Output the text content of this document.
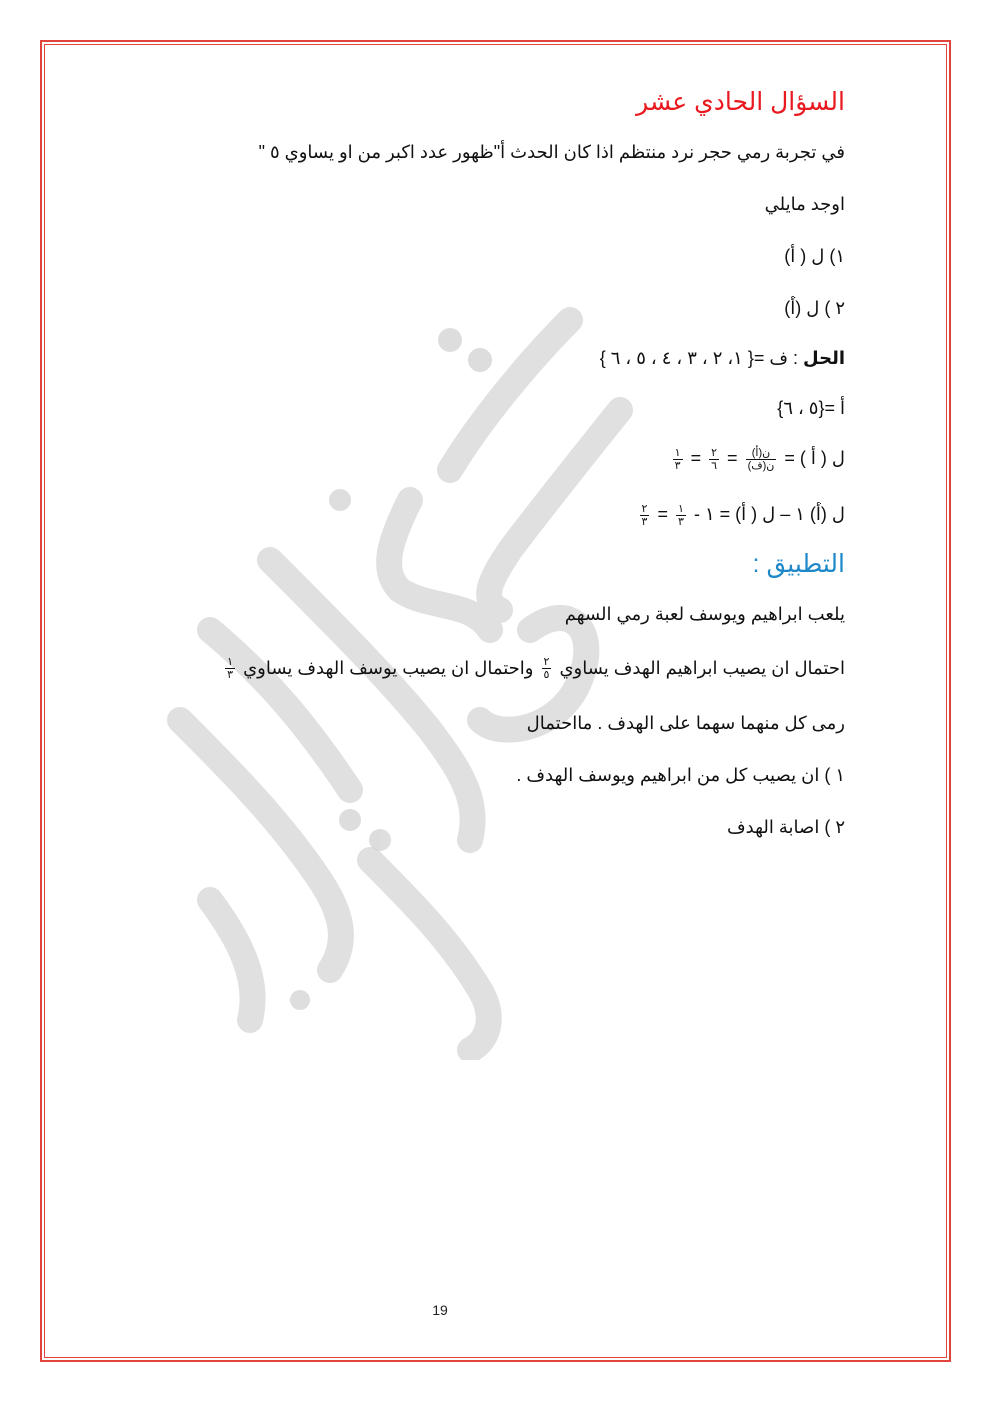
السؤال الحادي عشر
في تجربة رمي حجر نرد منتظم اذا كان الحدث أ"ظهور عدد اكبر من او يساوي ٥ "
اوجد مايلي
١) ل ( أ)
٢ ) ل (أ)
الحل : ف ={ ١، ٢ ، ٣ ، ٤ ، ٥ ، ٦ }
أ ={٥ ، ٦}
ل ( أ ) =
$\frac{\text{ن(أ)}}{\text{ن(ف)}}$
=
$\frac{٢}{٦}$
=
$\frac{١}{٣}$
ل (أ) ١ – ل ( أ) = ١ -
$\frac{١}{٣}$
=
$\frac{٢}{٣}$
التطبيق :
يلعب ابراهيم ويوسف لعبة رمي السهم
احتمال ان يصيب ابراهيم الهدف يساوي
$\frac{٢}{٥}$
واحتمال ان يصيب يوسف الهدف يساوي
$\frac{١}{٣}$
رمى كل منهما سهما على الهدف . مااحتمال
١ ) ان يصيب كل من ابراهيم ويوسف الهدف .
٢ ) اصابة الهدف
19
